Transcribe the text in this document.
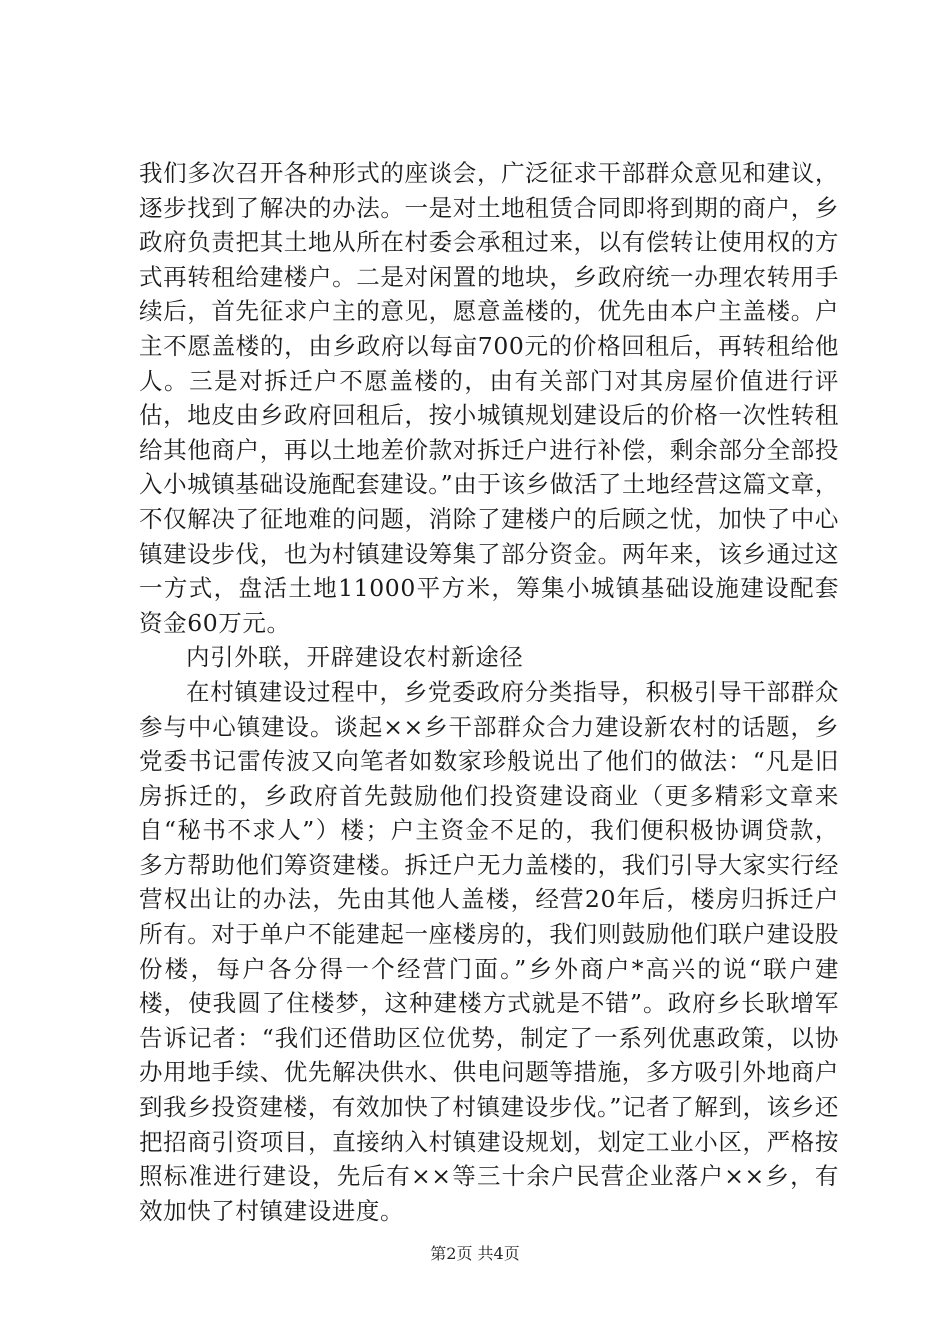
我们多次召开各种形式的座谈会，广泛征求干部群众意见和建议，逐步找到了解决的办法。一是对土地租赁合同即将到期的商户，乡政府负责把其土地从所在村委会承租过来，以有偿转让使用权的方式再转租给建楼户。二是对闲置的地块，乡政府统一办理农转用手续后，首先征求户主的意见，愿意盖楼的，优先由本户主盖楼。户主不愿盖楼的，由乡政府以每亩700元的价格回租后，再转租给他人。三是对拆迁户不愿盖楼的，由有关部门对其房屋价值进行评估，地皮由乡政府回租后，按小城镇规划建设后的价格一次性转租给其他商户，再以土地差价款对拆迁户进行补偿，剩余部分全部投入小城镇基础设施配套建设。”由于该乡做活了土地经营这篇文章，不仅解决了征地难的问题，消除了建楼户的后顾之忧，加快了中心镇建设步伐，也为村镇建设筹集了部分资金。两年来，该乡通过这一方式，盘活土地11000平方米，筹集小城镇基础设施建设配套资金60万元。

内引外联，开辟建设农村新途径

在村镇建设过程中，乡党委政府分类指导，积极引导干部群众参与中心镇建设。谈起××乡干部群众合力建设新农村的话题，乡党委书记雷传波又向笔者如数家珍般说出了他们的做法：“凡是旧房拆迁的，乡政府首先鼓励他们投资建设商业（更多精彩文章来自“秘书不求人”）楼；户主资金不足的，我们便积极协调贷款，多方帮助他们筹资建楼。拆迁户无力盖楼的，我们引导大家实行经营权出让的办法，先由其他人盖楼，经营20年后，楼房归拆迁户所有。对于单户不能建起一座楼房的，我们则鼓励他们联户建设股份楼，每户各分得一个经营门面。”乡外商户*高兴的说“联户建楼，使我圆了住楼梦，这种建楼方式就是不错”。政府乡长耿增军告诉记者：“我们还借助区位优势，制定了一系列优惠政策，以协办用地手续、优先解决供水、供电问题等措施，多方吸引外地商户到我乡投资建楼，有效加快了村镇建设步伐。”记者了解到，该乡还把招商引资项目，直接纳入村镇建设规划，划定工业小区，严格按照标准进行建设，先后有××等三十余户民营企业落户××乡，有效加快了村镇建设进度。

第2页 共4页
